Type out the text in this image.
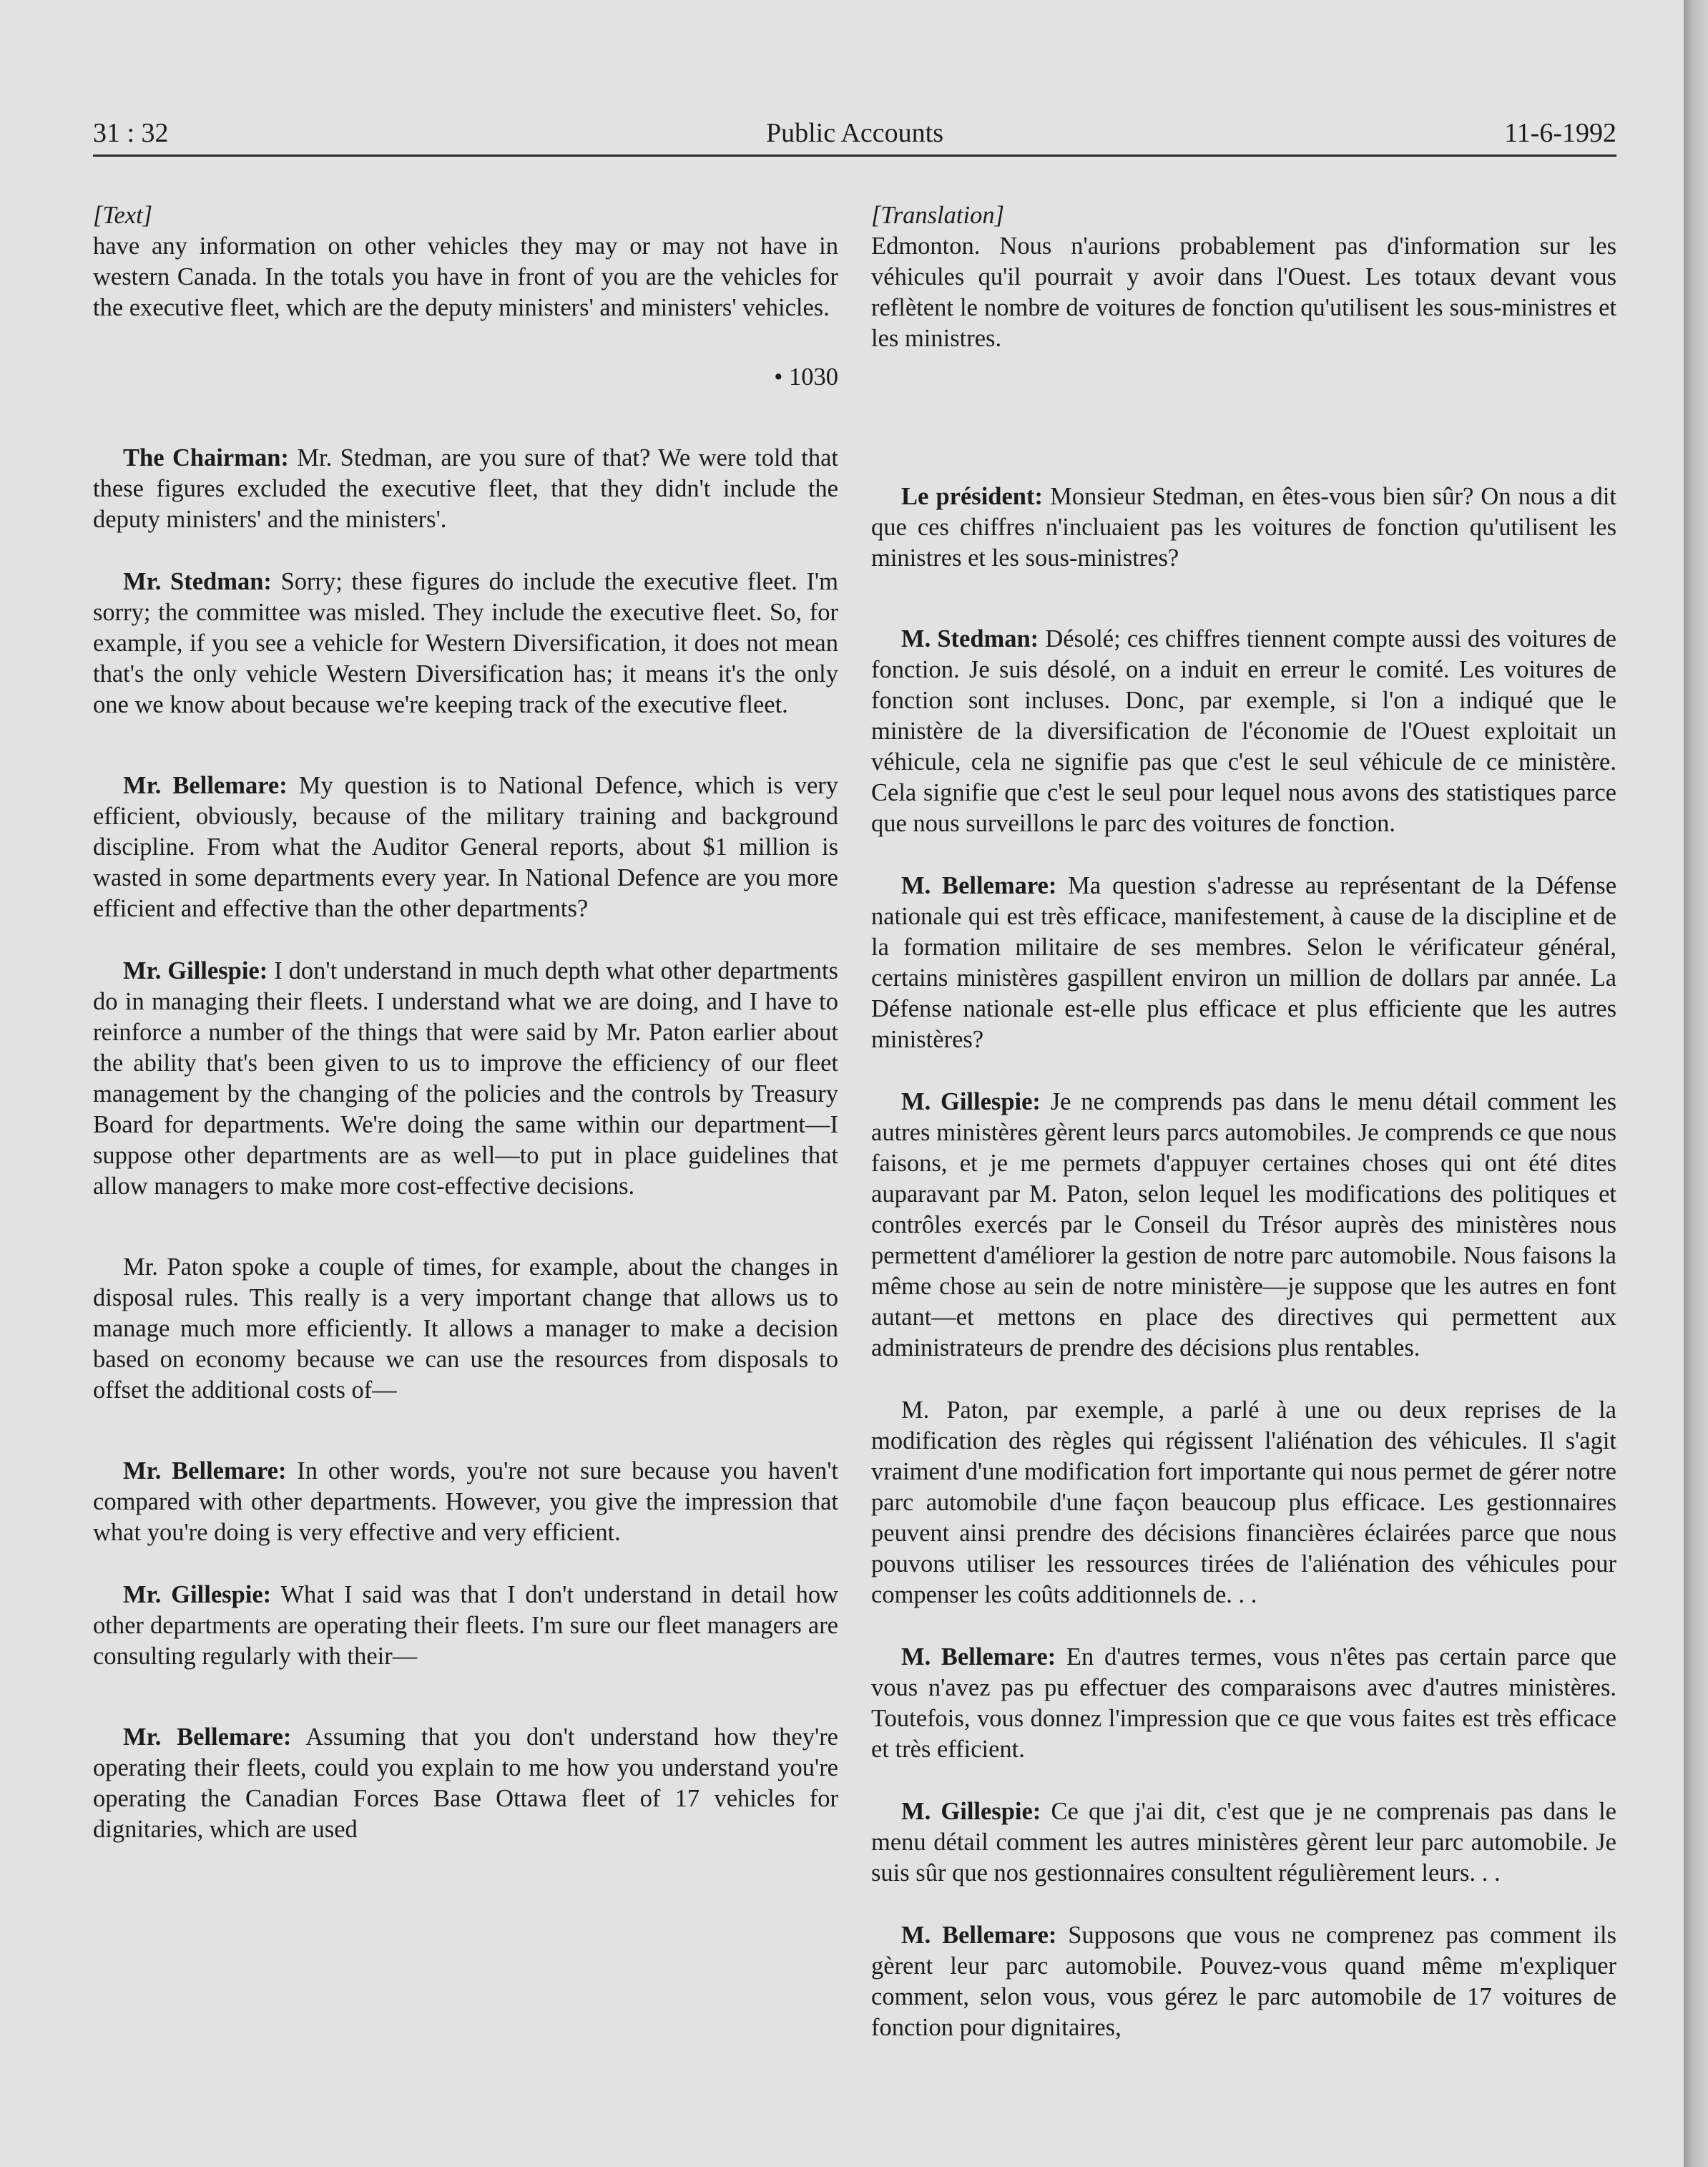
31 : 32	Public Accounts	11-6-1992

[Text]

have any information on other vehicles they may or may not have in western Canada. In the totals you have in front of you are the vehicles for the executive fleet, which are the deputy ministers' and ministers' vehicles.

• 1030

The Chairman: Mr. Stedman, are you sure of that? We were told that these figures excluded the executive fleet, that they didn't include the deputy ministers' and the ministers'.

Mr. Stedman: Sorry; these figures do include the executive fleet. I'm sorry; the committee was misled. They include the executive fleet. So, for example, if you see a vehicle for Western Diversification, it does not mean that's the only vehicle Western Diversification has; it means it's the only one we know about because we're keeping track of the executive fleet.

Mr. Bellemare: My question is to National Defence, which is very efficient, obviously, because of the military training and background discipline. From what the Auditor General reports, about $1 million is wasted in some departments every year. In National Defence are you more efficient and effective than the other departments?

Mr. Gillespie: I don't understand in much depth what other departments do in managing their fleets. I understand what we are doing, and I have to reinforce a number of the things that were said by Mr. Paton earlier about the ability that's been given to us to improve the efficiency of our fleet management by the changing of the policies and the controls by Treasury Board for departments. We're doing the same within our department—I suppose other departments are as well—to put in place guidelines that allow managers to make more cost-effective decisions.

Mr. Paton spoke a couple of times, for example, about the changes in disposal rules. This really is a very important change that allows us to manage much more efficiently. It allows a manager to make a decision based on economy because we can use the resources from disposals to offset the additional costs of—

Mr. Bellemare: In other words, you're not sure because you haven't compared with other departments. However, you give the impression that what you're doing is very effective and very efficient.

Mr. Gillespie: What I said was that I don't understand in detail how other departments are operating their fleets. I'm sure our fleet managers are consulting regularly with their—

Mr. Bellemare: Assuming that you don't understand how they're operating their fleets, could you explain to me how you understand you're operating the Canadian Forces Base Ottawa fleet of 17 vehicles for dignitaries, which are used

[Translation]

Edmonton. Nous n'aurions probablement pas d'information sur les véhicules qu'il pourrait y avoir dans l'Ouest. Les totaux devant vous reflètent le nombre de voitures de fonction qu'utilisent les sous-ministres et les ministres.

Le président: Monsieur Stedman, en êtes-vous bien sûr? On nous a dit que ces chiffres n'incluaient pas les voitures de fonction qu'utilisent les ministres et les sous-ministres?

M. Stedman: Désolé; ces chiffres tiennent compte aussi des voitures de fonction. Je suis désolé, on a induit en erreur le comité. Les voitures de fonction sont incluses. Donc, par exemple, si l'on a indiqué que le ministère de la diversification de l'économie de l'Ouest exploitait un véhicule, cela ne signifie pas que c'est le seul véhicule de ce ministère. Cela signifie que c'est le seul pour lequel nous avons des statistiques parce que nous surveillons le parc des voitures de fonction.

M. Bellemare: Ma question s'adresse au représentant de la Défense nationale qui est très efficace, manifestement, à cause de la discipline et de la formation militaire de ses membres. Selon le vérificateur général, certains ministères gaspillent environ un million de dollars par année. La Défense nationale est-elle plus efficace et plus efficiente que les autres ministères?

M. Gillespie: Je ne comprends pas dans le menu détail comment les autres ministères gèrent leurs parcs automobiles. Je comprends ce que nous faisons, et je me permets d'appuyer certaines choses qui ont été dites auparavant par M. Paton, selon lequel les modifications des politiques et contrôles exercés par le Conseil du Trésor auprès des ministères nous permettent d'améliorer la gestion de notre parc automobile. Nous faisons la même chose au sein de notre ministère—je suppose que les autres en font autant—et mettons en place des directives qui permettent aux administrateurs de prendre des décisions plus rentables.

M. Paton, par exemple, a parlé à une ou deux reprises de la modification des règles qui régissent l'aliénation des véhicules. Il s'agit vraiment d'une modification fort importante qui nous permet de gérer notre parc automobile d'une façon beaucoup plus efficace. Les gestionnaires peuvent ainsi prendre des décisions financières éclairées parce que nous pouvons utiliser les ressources tirées de l'aliénation des véhicules pour compenser les coûts additionnels de. . .

M. Bellemare: En d'autres termes, vous n'êtes pas certain parce que vous n'avez pas pu effectuer des comparaisons avec d'autres ministères. Toutefois, vous donnez l'impression que ce que vous faites est très efficace et très efficient.

M. Gillespie: Ce que j'ai dit, c'est que je ne comprenais pas dans le menu détail comment les autres ministères gèrent leur parc automobile. Je suis sûr que nos gestionnaires consultent régulièrement leurs. . .

M. Bellemare: Supposons que vous ne comprenez pas comment ils gèrent leur parc automobile. Pouvez-vous quand même m'expliquer comment, selon vous, vous gérez le parc automobile de 17 voitures de fonction pour dignitaires,
